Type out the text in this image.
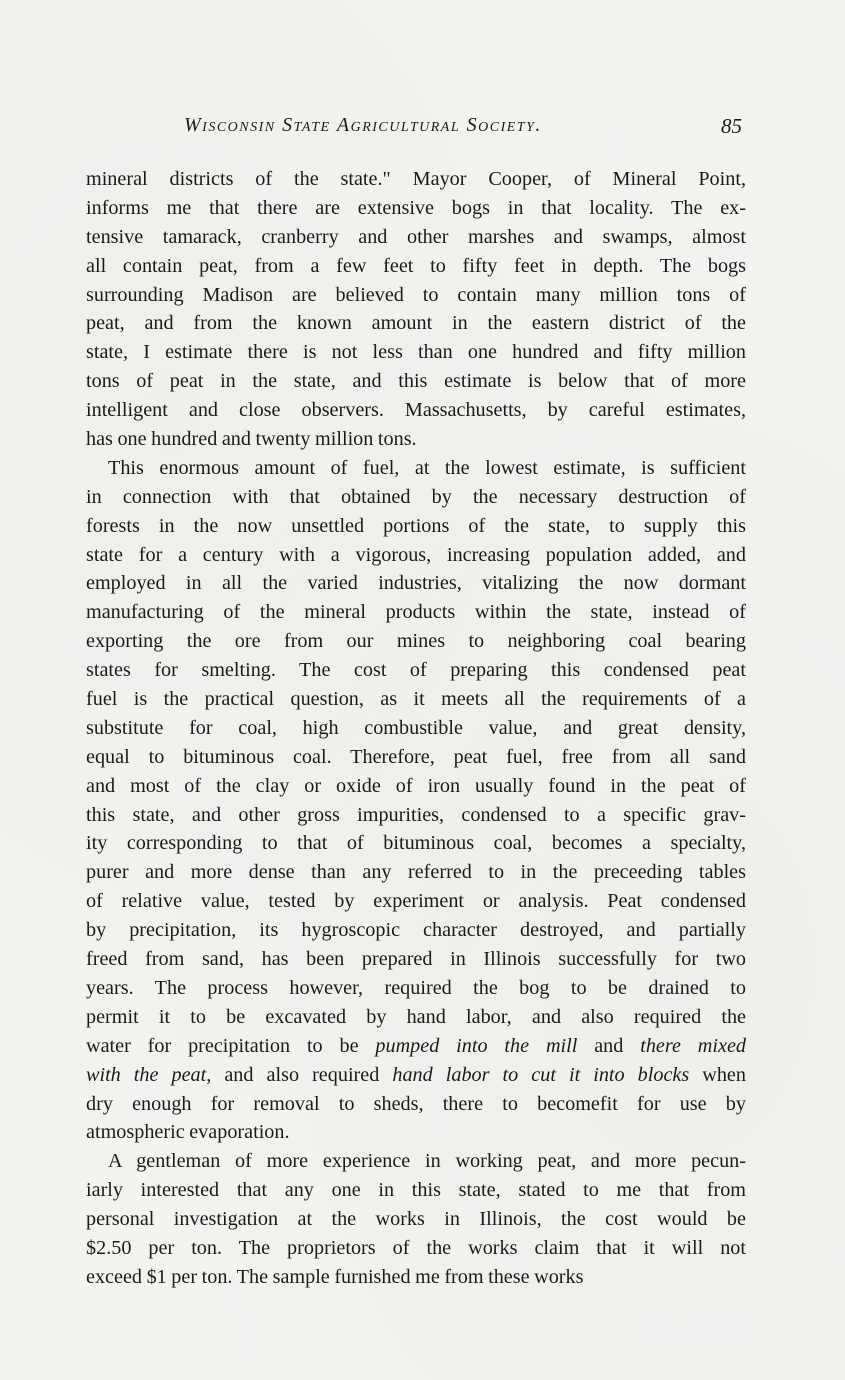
Wisconsin State Agricultural Society.	85
mineral districts of the state." Mayor Cooper, of Mineral Point,
informs me that there are extensive bogs in that locality. The ex-
tensive tamarack, cranberry and other marshes and swamps, almost
all contain peat, from a few feet to fifty feet in depth. The bogs
surrounding Madison are believed to contain many million tons of
peat, and from the known amount in the eastern district of the
state, I estimate there is not less than one hundred and fifty million
tons of peat in the state, and this estimate is below that of more
intelligent and close observers. Massachusetts, by careful estimates,
has one hundred and twenty million tons.
This enormous amount of fuel, at the lowest estimate, is sufficient
in connection with that obtained by the necessary destruction of
forests in the now unsettled portions of the state, to supply this
state for a century with a vigorous, increasing population added, and
employed in all the varied industries, vitalizing the now dormant
manufacturing of the mineral products within the state, instead of
exporting the ore from our mines to neighboring coal bearing
states for smelting. The cost of preparing this condensed peat
fuel is the practical question, as it meets all the requirements of a
substitute for coal, high combustible value, and great density,
equal to bituminous coal. Therefore, peat fuel, free from all sand
and most of the clay or oxide of iron usually found in the peat of
this state, and other gross impurities, condensed to a specific grav-
ity corresponding to that of bituminous coal, becomes a specialty,
purer and more dense than any referred to in the preceeding tables
of relative value, tested by experiment or analysis. Peat condensed
by precipitation, its hygroscopic character destroyed, and partially
freed from sand, has been prepared in Illinois successfully for two
years. The process however, required the bog to be drained to
permit it to be excavated by hand labor, and also required the
water for precipitation to be pumped into the mill and there mixed
with the peat, and also required hand labor to cut it into blocks when
dry enough for removal to sheds, there to becomefit for use by
atmospheric evaporation.
A gentleman of more experience in working peat, and more pecun-
iarly interested that any one in this state, stated to me that from
personal investigation at the works in Illinois, the cost would be
$2.50 per ton. The proprietors of the works claim that it will not
exceed $1 per ton. The sample furnished me from these works
